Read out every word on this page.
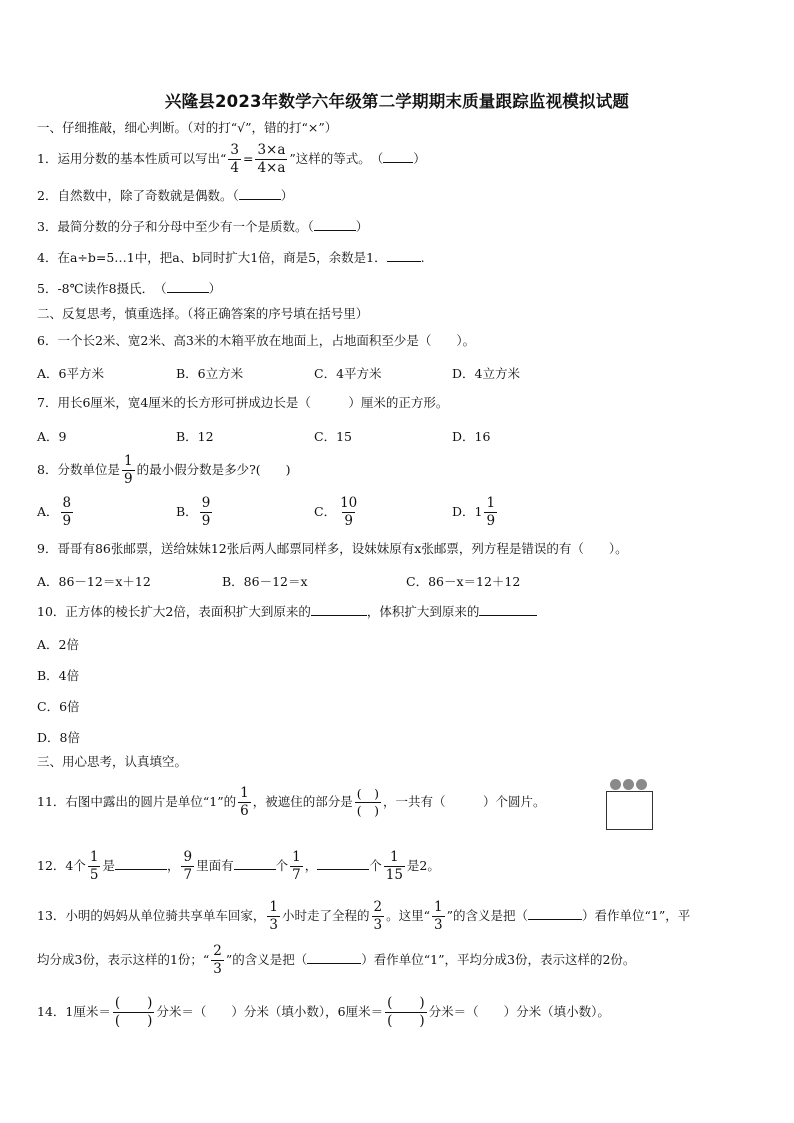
兴隆县2023年数学六年级第二学期期末质量跟踪监视模拟试题
一、仔细推敲，细心判断。（对的打“√”，错的打“×”）
1．运用分数的基本性质可以写出“ $\frac{3}{4} = \frac{3\times a}{4\times a}$ ”这样的等式。　（ ）
2．自然数中，除了奇数就是偶数。（	）
3．最简分数的分子和分母中至少有一个是质数。（	）
4．在a÷b=5…1中，把a、b同时扩大1倍，商是5，余数是1．	.
5．-8℃读作8摄氏．　（	）
二、反复思考，慎重选择。（将正确答案的序号填在括号里）
6．一个长2米、宽2米、高3米的木箱平放在地面上，占地面积至少是（　　）。
A．6平方米	B．6立方米	C．4平方米	D．4立方米
7．用长6厘米，宽4厘米的长方形可拼成边长是（　　　）厘米的正方形。
A．9	B．12	C．15	D．16
8．分数单位是 $\frac{1}{9}$ 的最小假分数是多少?(　　)
A． $\frac{8}{9}$	B． $\frac{9}{9}$	C． $\frac{10}{9}$	D．$1 \frac{1}{9}$
9．哥哥有86张邮票，送给妹妹12张后两人邮票同样多，设妹妹原有x张邮票，列方程是错误的有（　　）。
A．86－12＝x＋12	B．86－12＝x	C．86－x＝12＋12
10．正方体的棱长扩大2倍，表面积扩大到原来的	，体积扩大到原来的
A．2倍
B．4倍
C．6倍
D．8倍
三、用心思考，认真填空。
11．右图中露出的圆片是单位“1”的 $\frac{1}{6}$ ，被遮住的部分是 $\frac{( )}{( )}$ ，一共有（　　　）个圆片。
12．4个 $\frac{1}{5}$ 是	， $\frac{9}{7}$ 里面有	个 $\frac{1}{7}$ ，	个 $\frac{1}{15}$ 是2。
13．小明的妈妈从单位骑共享单车回家， $\frac{1}{3}$ 小时走了全程的 $\frac{2}{3}$ 。这里“ $\frac{1}{3}$ ”的含义是把（	）看作单位“1”，平
均分成3份，表示这样的1份；“ $\frac{2}{3}$ ”的含义是把（	）看作单位“1”，平均分成3份，表示这样的2份。
14．1厘米＝ $\frac{( )}{( )}$ 分米＝（　　）分米（填小数），6厘米＝ $\frac{( )}{( )}$ 分米＝（　　）分米（填小数）。
